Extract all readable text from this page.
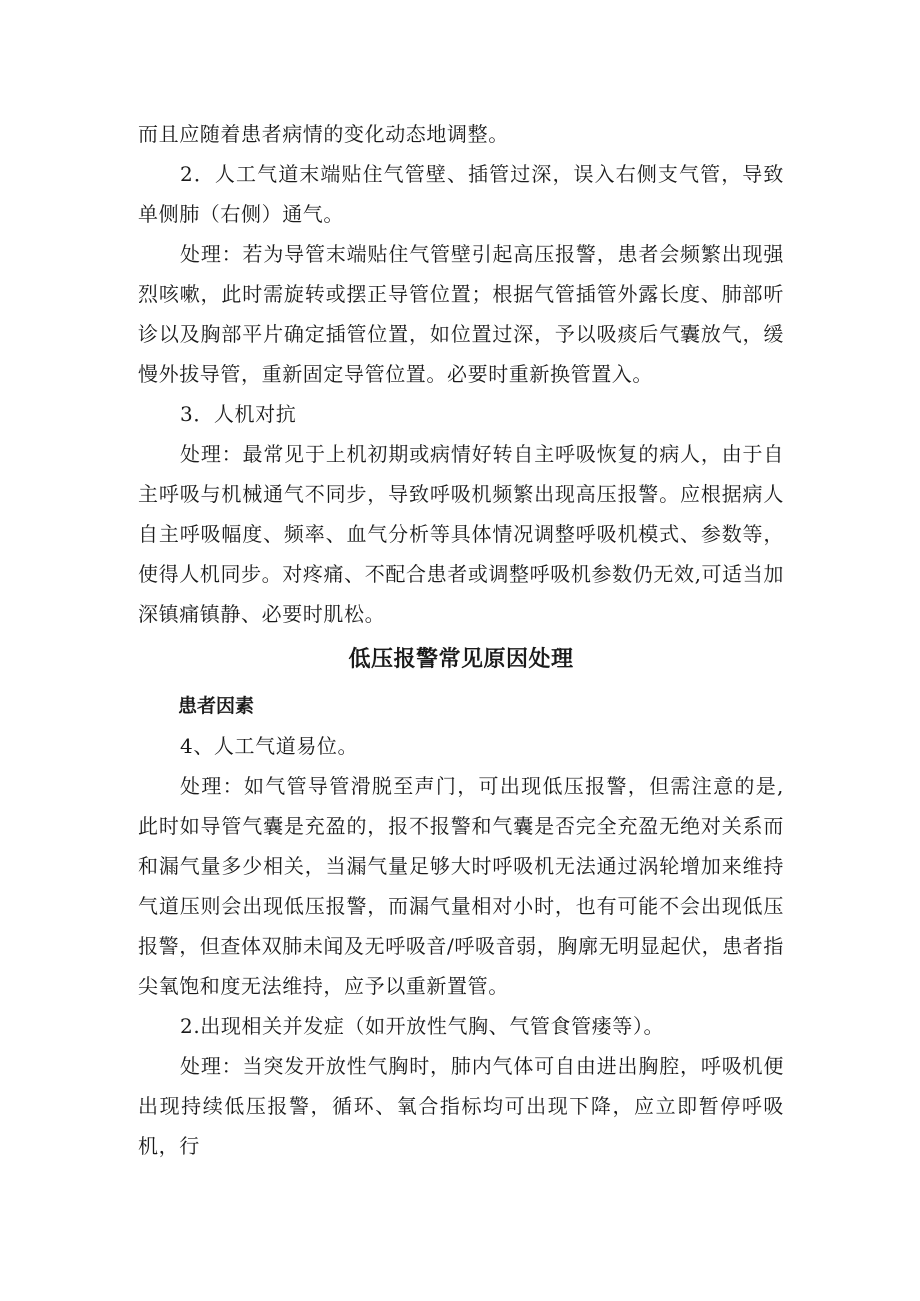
而且应随着患者病情的变化动态地调整。

2．人工气道末端贴住气管壁、插管过深，误入右侧支气管，导致单侧肺（右侧）通气。

处理：若为导管末端贴住气管壁引起高压报警，患者会频繁出现强烈咳嗽，此时需旋转或摆正导管位置；根据气管插管外露长度、肺部听诊以及胸部平片确定插管位置，如位置过深，予以吸痰后气囊放气，缓慢外拔导管，重新固定导管位置。必要时重新换管置入。

3．人机对抗

处理：最常见于上机初期或病情好转自主呼吸恢复的病人，由于自主呼吸与机械通气不同步，导致呼吸机频繁出现高压报警。应根据病人自主呼吸幅度、频率、血气分析等具体情况调整呼吸机模式、参数等，使得人机同步。对疼痛、不配合患者或调整呼吸机参数仍无效,可适当加深镇痛镇静、必要时肌松。

低压报警常见原因处理
患者因素

4、人工气道易位。

处理：如气管导管滑脱至声门，可出现低压报警，但需注意的是,此时如导管气囊是充盈的，报不报警和气囊是否完全充盈无绝对关系而和漏气量多少相关，当漏气量足够大时呼吸机无法通过涡轮增加来维持气道压则会出现低压报警，而漏气量相对小时，也有可能不会出现低压报警，但查体双肺未闻及无呼吸音/呼吸音弱，胸廓无明显起伏，患者指尖氧饱和度无法维持，应予以重新置管。

2.出现相关并发症（如开放性气胸、气管食管瘘等）。

处理：当突发开放性气胸时，肺内气体可自由进出胸腔，呼吸机便出现持续低压报警，循环、氧合指标均可出现下降，应立即暂停呼吸机，行
